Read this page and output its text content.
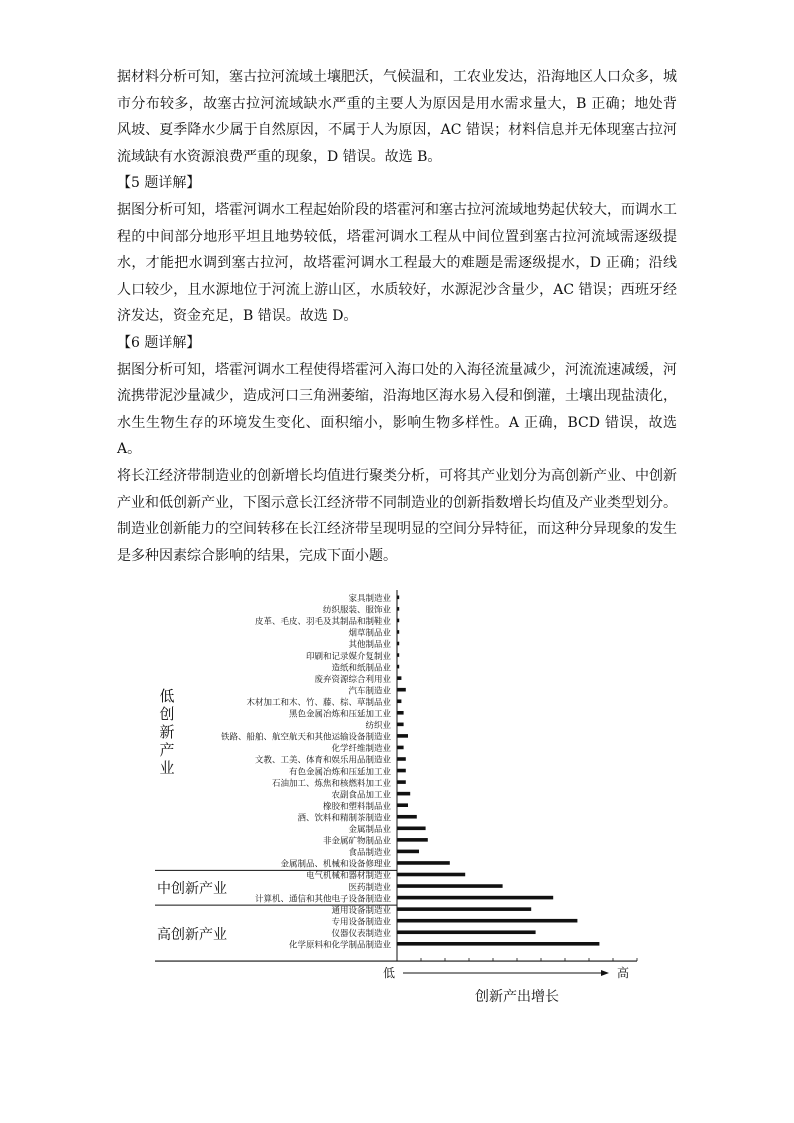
据材料分析可知，塞古拉河流域土壤肥沃，气候温和，工农业发达，沿海地区人口众多，城市分布较多，故塞古拉河流域缺水严重的主要人为原因是用水需求量大，B 正确；地处背风坡、夏季降水少属于自然原因，不属于人为原因，AC 错误；材料信息并无体现塞古拉河流域缺有水资源浪费严重的现象，D 错误。故选 B。

【5 题详解】

据图分析可知，塔霍河调水工程起始阶段的塔霍河和塞古拉河流域地势起伏较大，而调水工程的中间部分地形平坦且地势较低，塔霍河调水工程从中间位置到塞古拉河流域需逐级提水，才能把水调到塞古拉河，故塔霍河调水工程最大的难题是需逐级提水，D 正确；沿线人口较少，且水源地位于河流上游山区，水质较好，水源泥沙含量少，AC 错误；西班牙经济发达，资金充足，B 错误。故选 D。

【6 题详解】

据图分析可知，塔霍河调水工程使得塔霍河入海口处的入海径流量减少，河流流速减缓，河流携带泥沙量减少，造成河口三角洲萎缩，沿海地区海水易入侵和倒灌，土壤出现盐渍化，水生生物生存的环境发生变化、面积缩小，影响生物多样性。A 正确，BCD 错误，故选 A。

将长江经济带制造业的创新增长均值进行聚类分析，可将其产业划分为高创新产业、中创新产业和低创新产业，下图示意长江经济带不同制造业的创新指数增长均值及产业类型划分。制造业创新能力的空间转移在长江经济带呈现明显的空间分异特征，而这种分异现象的发生是多种因素综合影响的结果，完成下面小题。

家具制造业
纺织服装、服饰业
皮革、毛皮、羽毛及其制品和制鞋业
烟草制品业
其他制品业
印刷和记录媒介复制业
造纸和纸制品业
废弃资源综合利用业
汽车制造业
木材加工和木、竹、藤、棕、草制品业
黑色金属冶炼和压延加工业
纺织业
铁路、船舶、航空航天和其他运输设备制造业
化学纤维制造业
文教、工美、体育和娱乐用品制造业
有色金属冶炼和压延加工业
石油加工、炼焦和核燃料加工业
农副食品加工业
橡胶和塑料制品业
酒、饮料和精制茶制造业
金属制品业
非金属矿物制品业
食品制造业
金属制品、机械和设备修理业
电气机械和器材制造业
医药制造业
计算机、通信和其他电子设备制造业
通用设备制造业
专用设备制造业
仪器仪表制造业
化学原料和化学制品制造业
低
创
新
产
业
中创新产业
高创新产业
低	高
创新产出增长
